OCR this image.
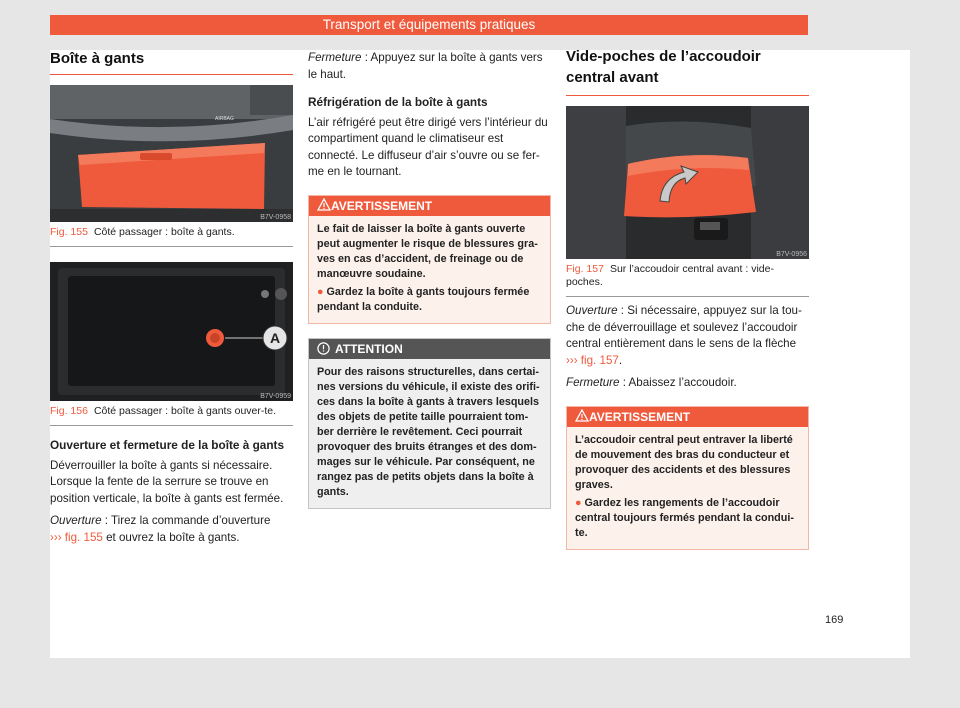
Transport et équipements pratiques
Boîte à gants
AIRBAG
B7V-0958
Fig. 155 Côté passager : boîte à gants.
A
B7V-0959
Fig. 156 Côté passager : boîte à gants ouver-te.
Ouverture et fermeture de la boîte à gants

Déverrouiller la boîte à gants si nécessaire. Lorsque la fente de la serrure se trouve en position verticale, la boîte à gants est fermée.

Ouverture : Tirez la commande d’ouverture
››› fig. 155 et ouvrez la boîte à gants.

Fermeture : Appuyez sur la boîte à gants vers le haut.

Réfrigération de la boîte à gants

L’air réfrigéré peut être dirigé vers l’intérieur du compartiment quand le climatiseur est connecté. Le diffuseur d’air s’ouvre ou se fer-me en le tournant.

AVERTISSEMENT
Le fait de laisser la boîte à gants ouverte peut augmenter le risque de blessures gra-ves en cas d’accident, de freinage ou de manœuvre soudaine.
● Gardez la boîte à gants toujours fermée pendant la conduite.
ATTENTION
Pour des raisons structurelles, dans certai-nes versions du véhicule, il existe des orifi-ces dans la boîte à gants à travers lesquels des objets de petite taille pourraient tom-ber derrière le revêtement. Ceci pourrait provoquer des bruits étranges et des dom-mages sur le véhicule. Par conséquent, ne rangez pas de petits objets dans la boîte à gants.
Vide-poches de l’accoudoir central avant
B7V-0956
Fig. 157 Sur l’accoudoir central avant : vide-poches.

Ouverture : Si nécessaire, appuyez sur la tou-che de déverrouillage et soulevez l’accoudoir central entièrement dans le sens de la flèche ››› fig. 157.

Fermeture : Abaissez l’accoudoir.

AVERTISSEMENT
L’accoudoir central peut entraver la liberté de mouvement des bras du conducteur et provoquer des accidents et des blessures graves.
● Gardez les rangements de l’accoudoir central toujours fermés pendant la condui-te.
169
